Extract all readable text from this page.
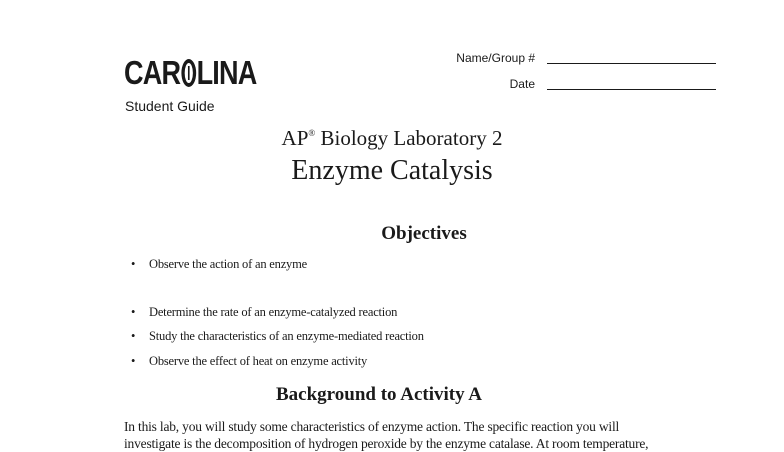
CAR LINA
Student Guide
Name/Group #
Date
AP® Biology Laboratory 2
Enzyme Catalysis
Objectives
• Observe the action of an enzyme
• Determine the rate of an enzyme-catalyzed reaction
• Study the characteristics of an enzyme-mediated reaction
• Observe the effect of heat on enzyme activity
Background to Activity A
In this lab, you will study some characteristics of enzyme action. The specific reaction you will
investigate is the decomposition of hydrogen peroxide by the enzyme catalase. At room temperature,
